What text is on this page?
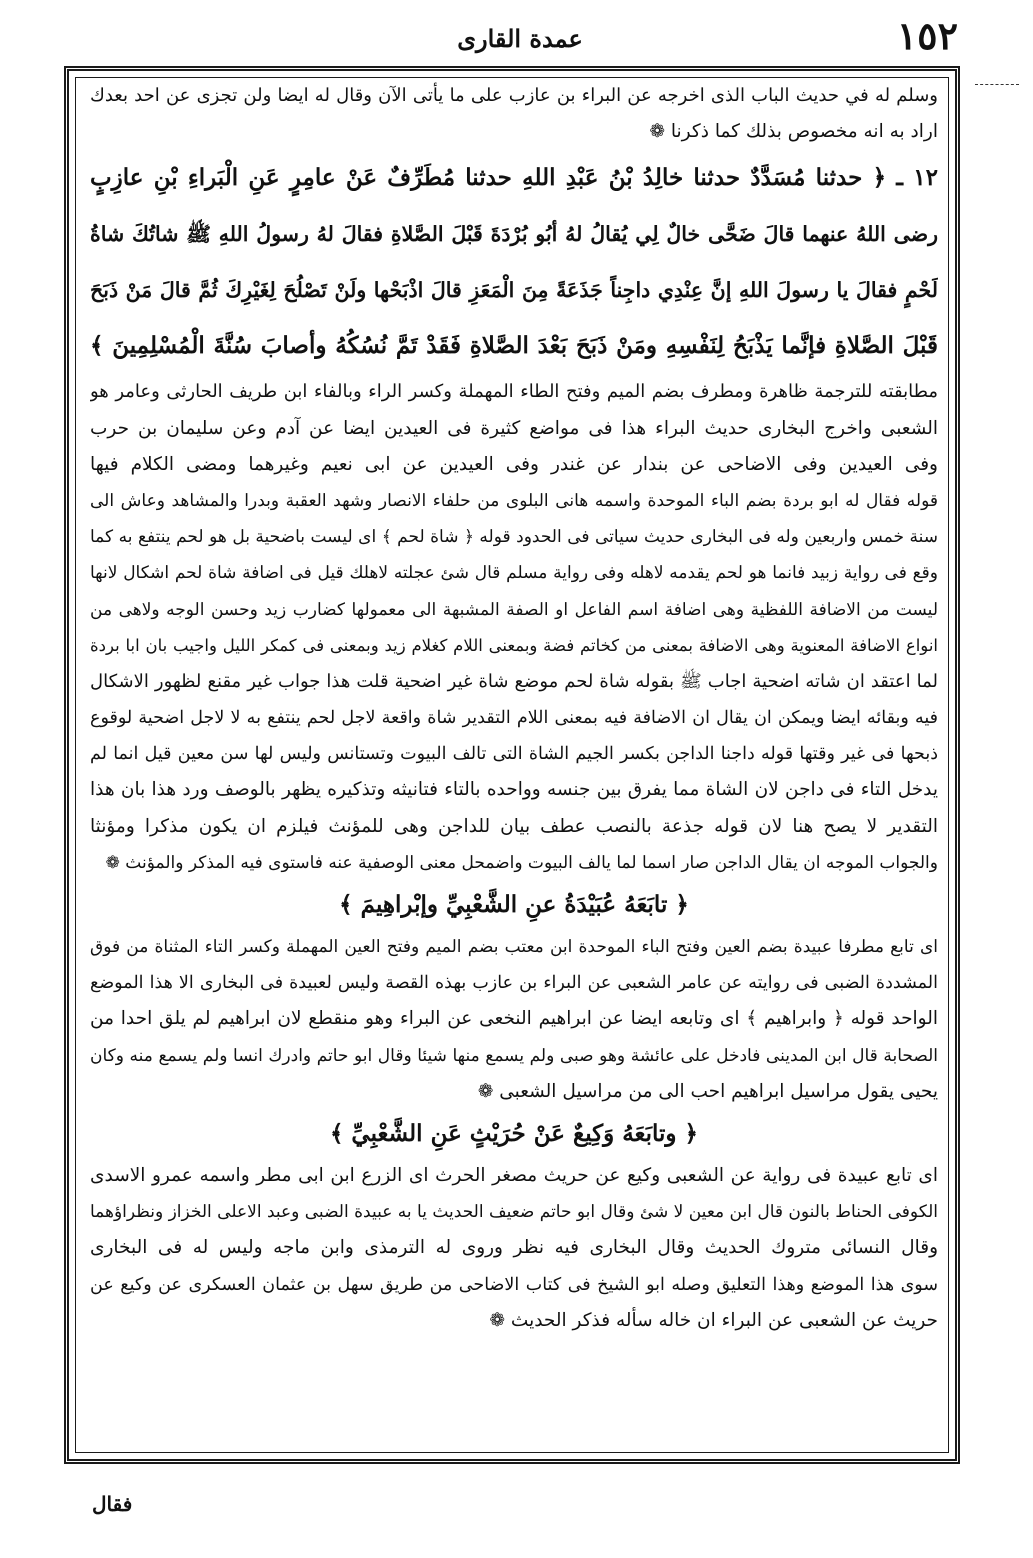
عمدة القارى	١٥٢
وسلم له في حديث الباب الذى اخرجه عن البراء بن عازب على ما يأتى الآن وقال له ايضا ولن تجزى عن احد بعدك
اراد به انه مخصوص بذلك كما ذكرنا ❁
١٢ ـ ﴿ حدثنا مُسَدَّدٌ حدثنا خالِدُ بْنُ عَبْدِ اللهِ حدثنا مُطَرِّفٌ عَنْ عامِرٍ عَنِ الْبَراءِ بْنِ عازِبٍ
رضى اللهُ عنهما قالَ ضَحَّى خالٌ لِي يُقالُ لهُ أبُو بُرْدَةَ قَبْلَ الصَّلاةِ فقالَ لهُ رسولُ اللهِ ﷺ شاتُكَ شاةُ
لَحْمٍ فقالَ يا رسولَ اللهِ إنَّ عِنْدِي داجِناً جَذَعَةً مِنَ الْمَعَزِ قالَ اذْبَحْها ولَنْ تَصْلُحَ لِغَيْرِكَ ثُمَّ قالَ مَنْ ذَبَحَ
قَبْلَ الصَّلاةِ فإنَّما يَذْبَحُ لِنَفْسِهِ ومَنْ ذَبَحَ بَعْدَ الصَّلاةِ فَقَدْ تَمَّ نُسُكُهُ وأصابَ سُنَّةَ الْمُسْلِمِينَ ﴾
مطابقته للترجمة ظاهرة ومطرف بضم الميم وفتح الطاء المهملة وكسر الراء وبالفاء ابن طريف الحارثى وعامر هو
الشعبى واخرج البخارى حديث البراء هذا فى مواضع كثيرة فى العيدين ايضا عن آدم وعن سليمان بن حرب
وفى العيدين وفى الاضاحى عن بندار عن غندر وفى العيدين عن ابى نعيم وغيرهما ومضى الكلام فيها
قوله فقال له ابو بردة بضم الباء الموحدة واسمه هانى البلوى من حلفاء الانصار وشهد العقبة وبدرا والمشاهد وعاش الى
سنة خمس واربعين وله فى البخارى حديث سياتى فى الحدود قوله ﴿ شاة لحم ﴾ اى ليست باضحية بل هو لحم ينتفع به كما
وقع فى رواية زبيد فانما هو لحم يقدمه لاهله وفى رواية مسلم قال شئ عجلته لاهلك قيل فى اضافة شاة لحم اشكال لانها
ليست من الاضافة اللفظية وهى اضافة اسم الفاعل او الصفة المشبهة الى معمولها كضارب زيد وحسن الوجه ولاهى من
انواع الاضافة المعنوية وهى الاضافة بمعنى من كخاتم فضة وبمعنى اللام كغلام زيد وبمعنى فى كمكر الليل واجيب بان ابا بردة
لما اعتقد ان شاته اضحية اجاب ﷺ بقوله شاة لحم موضع شاة غير اضحية قلت هذا جواب غير مقنع لظهور الاشكال
فيه وبقائه ايضا ويمكن ان يقال ان الاضافة فيه بمعنى اللام التقدير شاة واقعة لاجل لحم ينتفع به لا لاجل اضحية لوقوع
ذبحها فى غير وقتها قوله داجنا الداجن بكسر الجيم الشاة التى تالف البيوت وتستانس وليس لها سن معين قيل انما لم
يدخل التاء فى داجن لان الشاة مما يفرق بين جنسه وواحده بالتاء فتانيثه وتذكيره يظهر بالوصف ورد هذا بان هذا
التقدير لا يصح هنا لان قوله جذعة بالنصب عطف بيان للداجن وهى للمؤنث فيلزم ان يكون مذكرا ومؤنثا
والجواب الموجه ان يقال الداجن صار اسما لما يالف البيوت واضمحل معنى الوصفية عنه فاستوى فيه المذكر والمؤنث ❁
﴿ تابَعَهُ عُبَيْدَةُ عنِ الشَّعْبِيِّ وإبْراهِيمَ ﴾
اى تابع مطرفا عبيدة بضم العين وفتح الباء الموحدة ابن معتب بضم الميم وفتح العين المهملة وكسر التاء المثناة من فوق
المشددة الضبى فى روايته عن عامر الشعبى عن البراء بن عازب بهذه القصة وليس لعبيدة فى البخارى الا هذا الموضع
الواحد قوله ﴿ وابراهيم ﴾ اى وتابعه ايضا عن ابراهيم النخعى عن البراء وهو منقطع لان ابراهيم لم يلق احدا من
الصحابة قال ابن المدينى فادخل على عائشة وهو صبى ولم يسمع منها شيئا وقال ابو حاتم وادرك انسا ولم يسمع منه وكان
يحيى يقول مراسيل ابراهيم احب الى من مراسيل الشعبى ❁
﴿ وتابَعَهُ وَكِيعٌ عَنْ حُرَيْثٍ عَنِ الشَّعْبِيِّ ﴾
اى تابع عبيدة فى رواية عن الشعبى وكيع عن حريث مصغر الحرث اى الزرع ابن ابى مطر واسمه عمرو الاسدى
الكوفى الحناط بالنون قال ابن معين لا شئ وقال ابو حاتم ضعيف الحديث يا به عبيدة الضبى وعبد الاعلى الخزاز ونظراؤهما
وقال النسائى متروك الحديث وقال البخارى فيه نظر وروى له الترمذى وابن ماجه وليس له فى البخارى
سوى هذا الموضع وهذا التعليق وصله ابو الشيخ فى كتاب الاضاحى من طريق سهل بن عثمان العسكرى عن وكيع عن
حريث عن الشعبى عن البراء ان خاله سأله فذكر الحديث ❁
فقال
